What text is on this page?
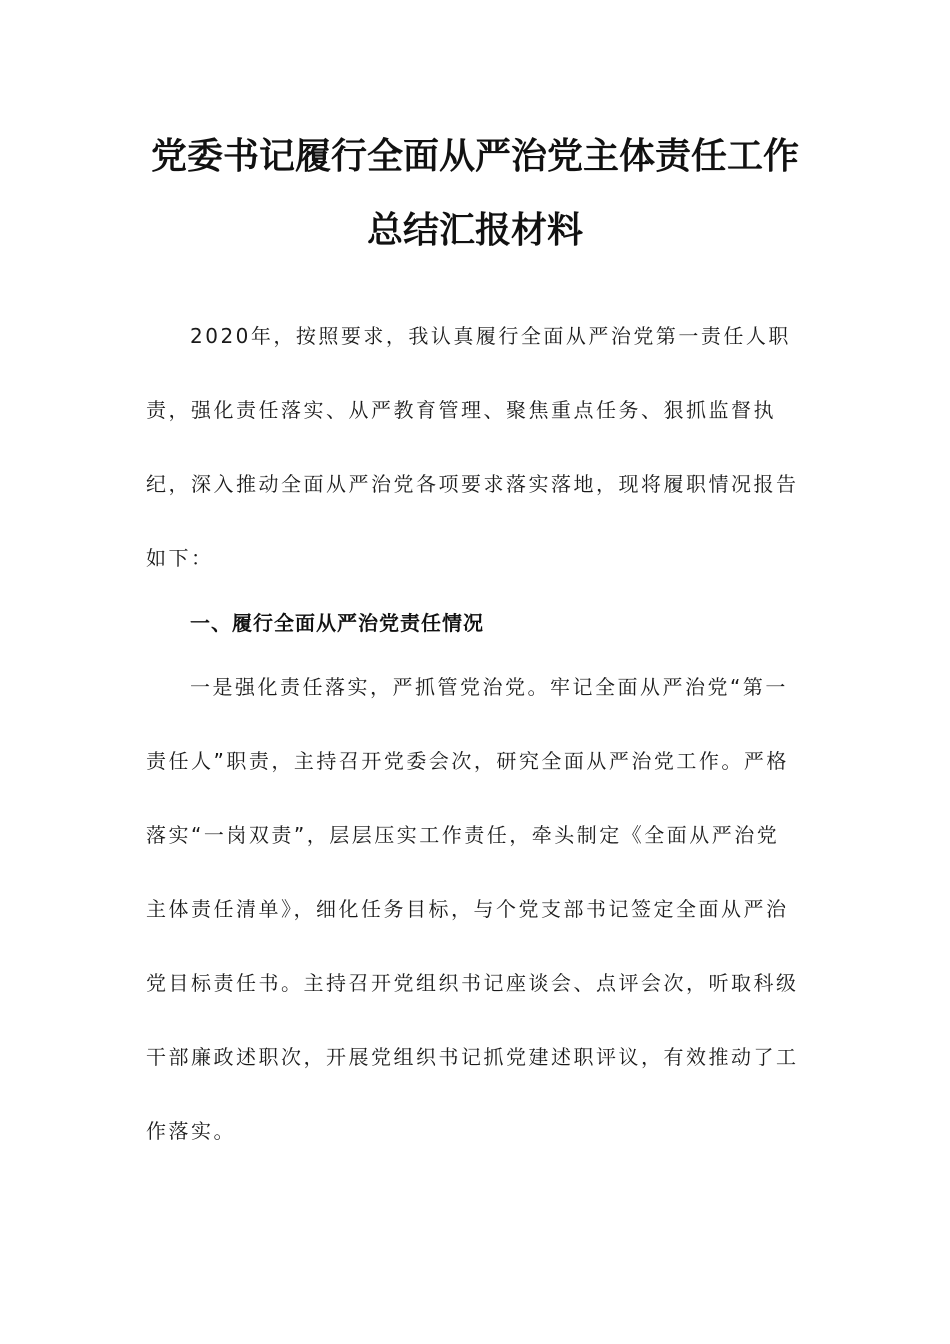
党委书记履行全面从严治党主体责任工作
总结汇报材料
2020年，按照要求，我认真履行全面从严治党第一责任人职
责，强化责任落实、从严教育管理、聚焦重点任务、狠抓监督执
纪，深入推动全面从严治党各项要求落实落地，现将履职情况报告
如下：
一、履行全面从严治党责任情况
一是强化责任落实，严抓管党治党。牢记全面从严治党“第一
责任人”职责，主持召开党委会次，研究全面从严治党工作。严格
落实“一岗双责”，层层压实工作责任，牵头制定《全面从严治党
主体责任清单》，细化任务目标，与个党支部书记签定全面从严治
党目标责任书。主持召开党组织书记座谈会、点评会次，听取科级
干部廉政述职次，开展党组织书记抓党建述职评议，有效推动了工
作落实。
